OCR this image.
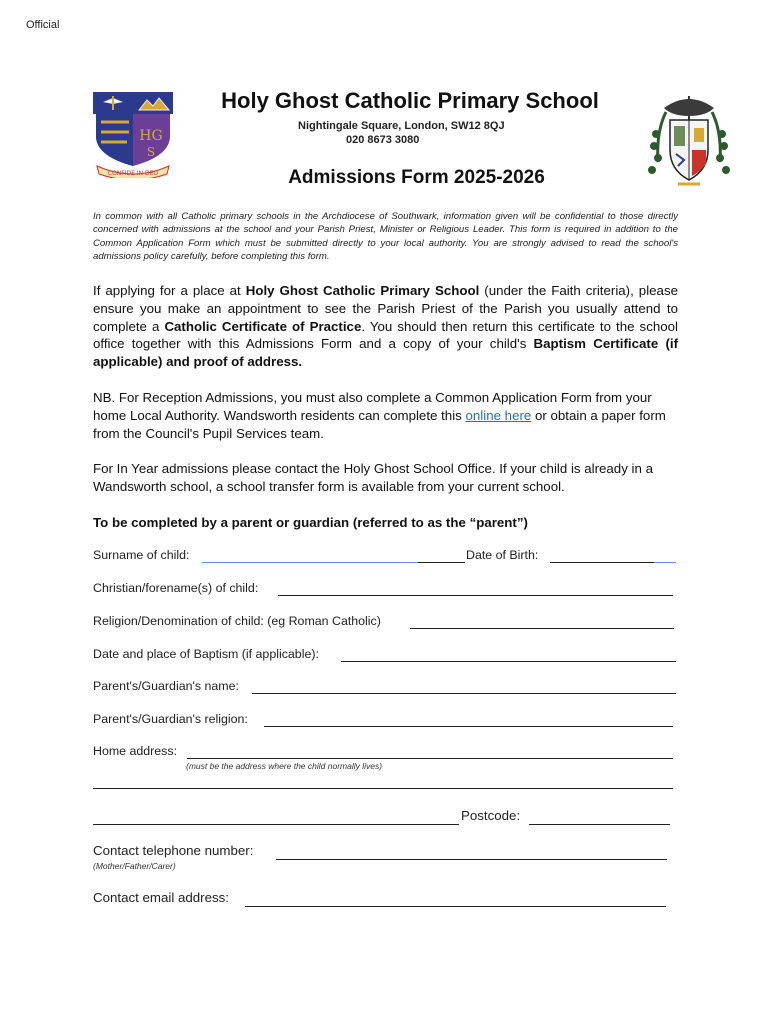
Official
HG
S
CONFIDE IN DEO
Holy Ghost Catholic Primary School
Nightingale Square, London, SW12 8QJ
020 8673 3080
Admissions Form 2025-2026
In common with all Catholic primary schools in the Archdiocese of Southwark, information given will be confidential to those directly concerned with admissions at the school and your Parish Priest, Minister or Religious Leader. This form is required in addition to the Common Application Form which must be submitted directly to your local authority. You are strongly advised to read the school's admissions policy carefully, before completing this form.
If applying for a place at Holy Ghost Catholic Primary School (under the Faith criteria), please ensure you make an appointment to see the Parish Priest of the Parish you usually attend to complete a Catholic Certificate of Practice. You should then return this certificate to the school office together with this Admissions Form and a copy of your child's Baptism Certificate (if applicable) and proof of address.
NB. For Reception Admissions, you must also complete a Common Application Form from your home Local Authority. Wandsworth residents can complete this online here or obtain a paper form from the Council's Pupil Services team.
For In Year admissions please contact the Holy Ghost School Office. If your child is already in a Wandsworth school, a school transfer form is available from your current school.
To be completed by a parent or guardian (referred to as the “parent”)
Surname of child:	Date of Birth:
Christian/forename(s) of child:
Religion/Denomination of child: (eg Roman Catholic)
Date and place of Baptism (if applicable):
Parent's/Guardian's name:
Parent's/Guardian's religion:
Home address:
(must be the address where the child normally lives)
Postcode:
Contact telephone number:
(Mother/Father/Carer)
Contact email address:
